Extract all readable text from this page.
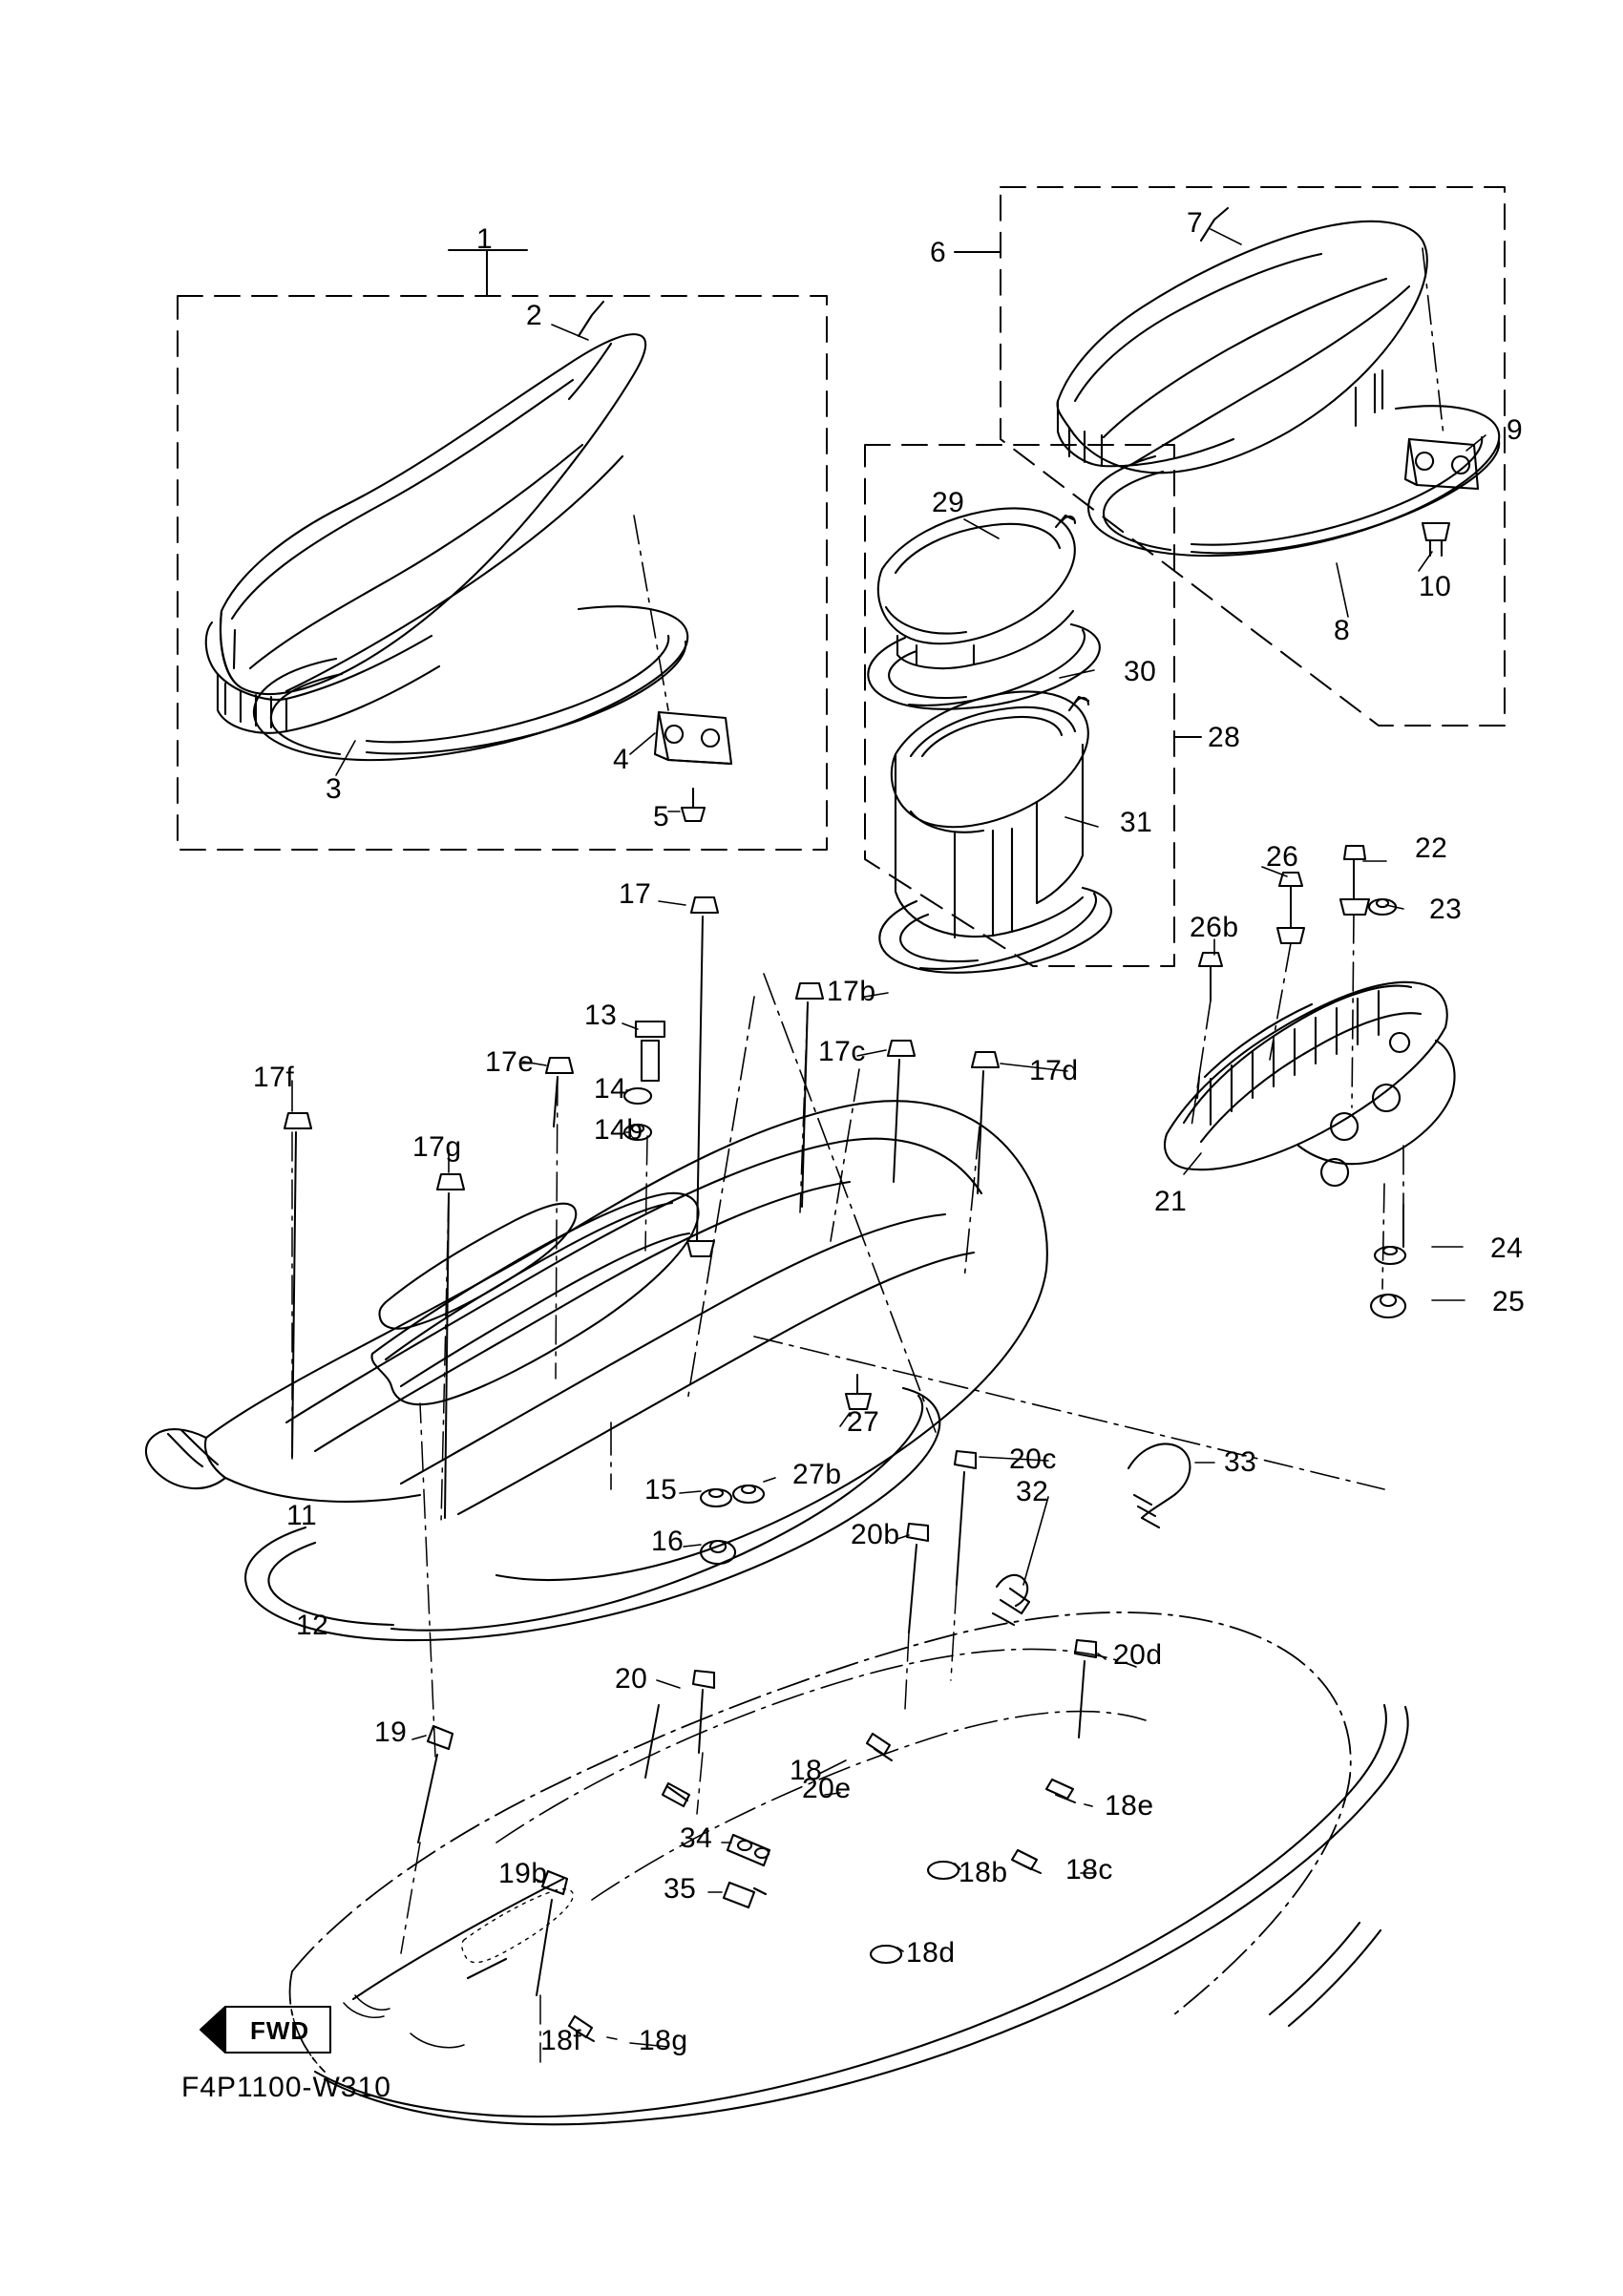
1
2
3
4
5
6
7
8
9
10
11
12
13
14
14b
15
16
17
17b
17c
17d
17e
17f
17g
18
18b 18c
18d
18e
18f 18g
19
19b
20
20b
20c
20d
20e
21
22
23
24
25
26
26b
27
27b
28
29
30
31
32
33
34
35
FWD
F4P1100-W310
